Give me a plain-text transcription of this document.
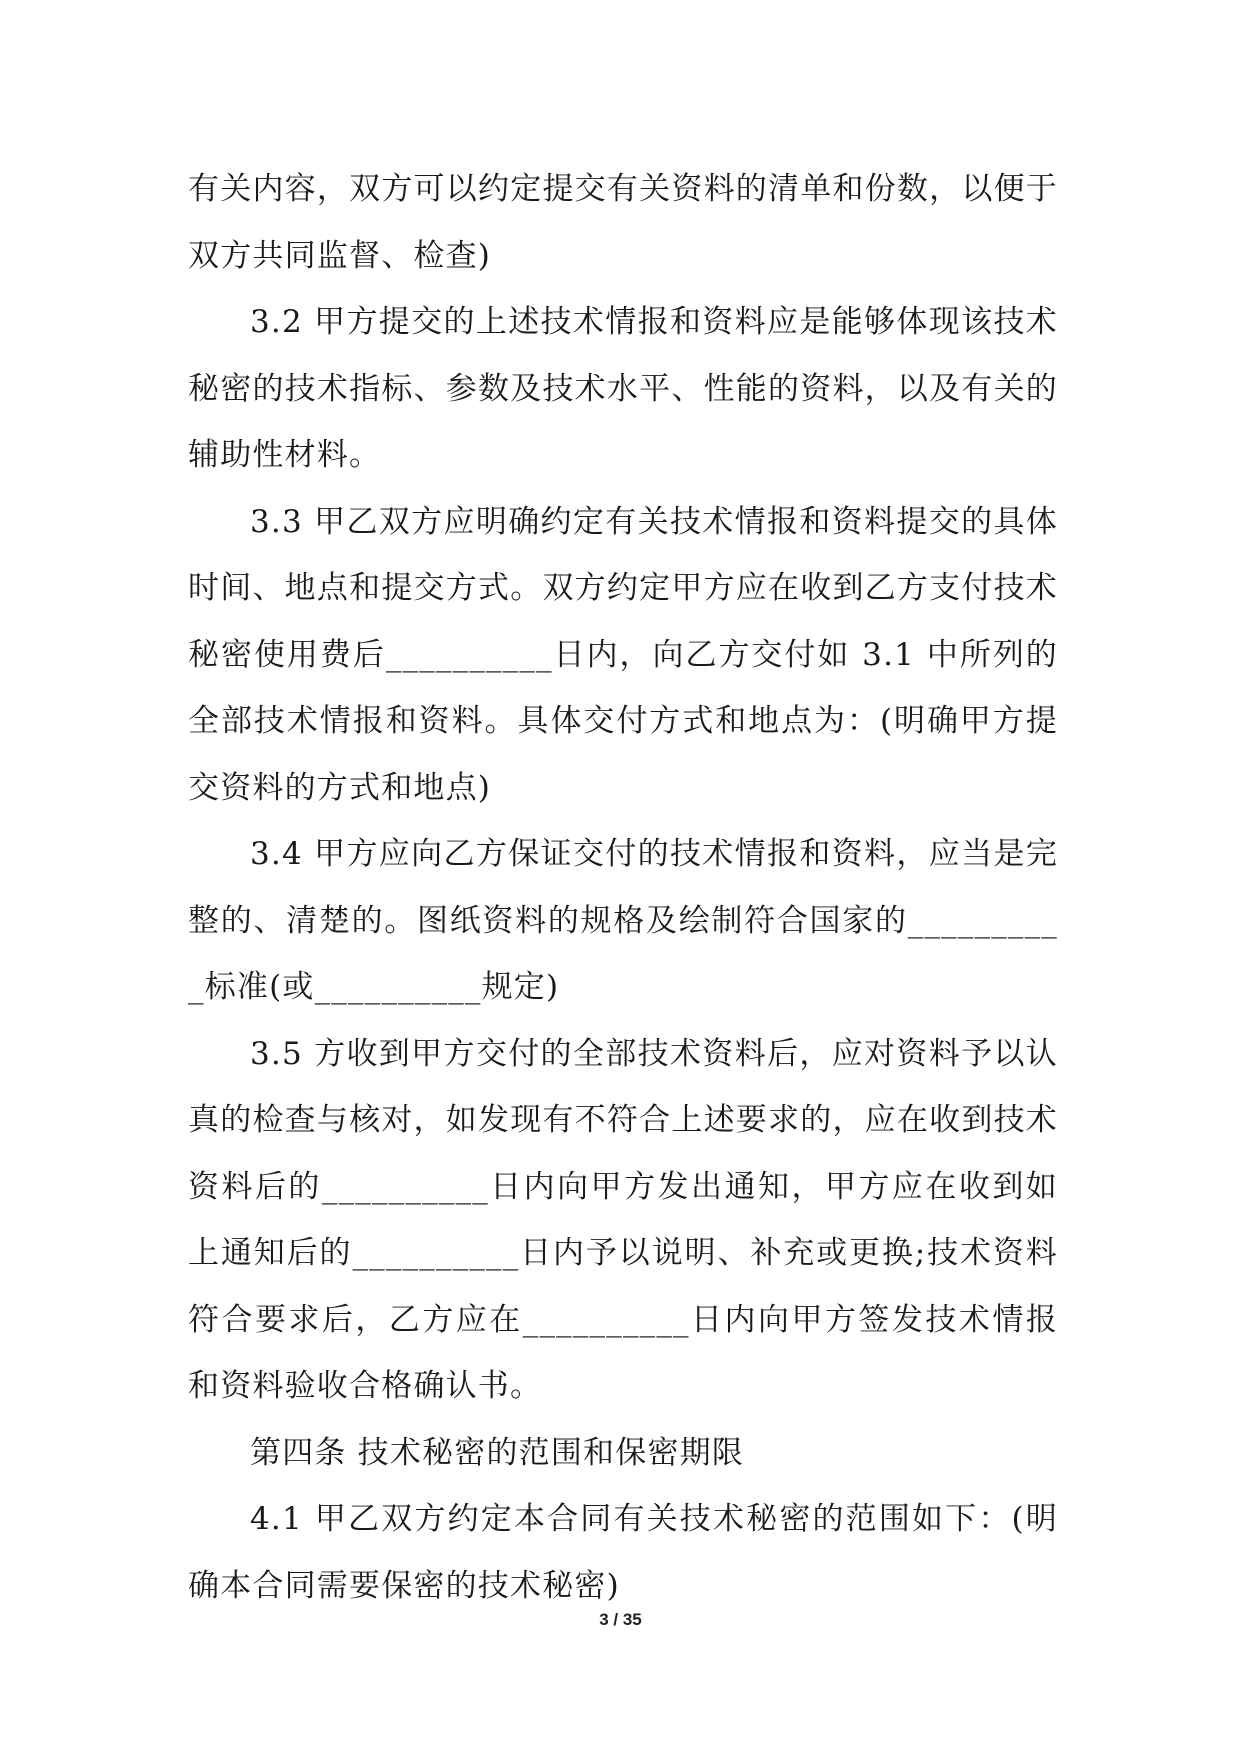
有关内容，双方可以约定提交有关资料的清单和份数，以便于双方共同监督、检查)

3.2 甲方提交的上述技术情报和资料应是能够体现该技术秘密的技术指标、参数及技术水平、性能的资料，以及有关的辅助性材料。

3.3 甲乙双方应明确约定有关技术情报和资料提交的具体时间、地点和提交方式。双方约定甲方应在收到乙方支付技术秘密使用费后__________日内，向乙方交付如 3.1 中所列的全部技术情报和资料。具体交付方式和地点为：(明确甲方提交资料的方式和地点)

3.4 甲方应向乙方保证交付的技术情报和资料，应当是完整的、清楚的。图纸资料的规格及绘制符合国家的__________标准(或__________规定)

3.5 方收到甲方交付的全部技术资料后，应对资料予以认真的检查与核对，如发现有不符合上述要求的，应在收到技术资料后的__________日内向甲方发出通知，甲方应在收到如上通知后的__________日内予以说明、补充或更换;技术资料符合要求后，乙方应在__________日内向甲方签发技术情报和资料验收合格确认书。

第四条 技术秘密的范围和保密期限

4.1 甲乙双方约定本合同有关技术秘密的范围如下：(明确本合同需要保密的技术秘密)

3 / 35
